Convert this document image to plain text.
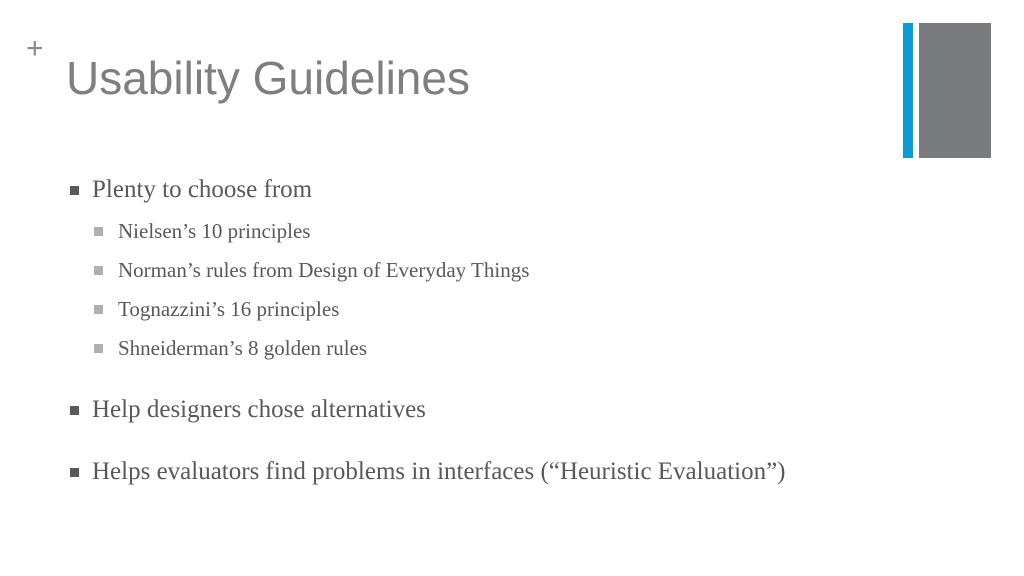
+
Usability Guidelines
Plenty to choose from
Nielsen’s 10 principles
Norman’s rules from Design of Everyday Things
Tognazzini’s 16 principles
Shneiderman’s 8 golden rules
Help designers chose alternatives
Helps evaluators find problems in interfaces (“Heuristic Evaluation”)
